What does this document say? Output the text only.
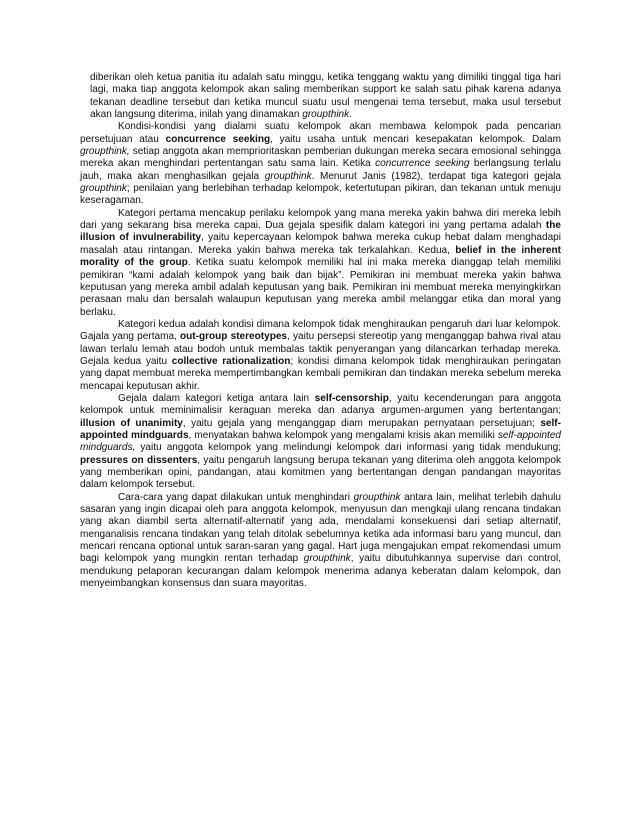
diberikan oleh ketua panitia itu adalah satu minggu, ketika tenggang waktu yang dimiliki tinggal tiga hari lagi, maka tiap anggota kelompok akan saling memberikan support ke salah satu pihak karena adanya tekanan deadline tersebut dan ketika muncul suatu usul mengenai tema tersebut, maka usul tersebut akan langsung diterima, inilah yang dinamakan groupthink.

Kondisi-kondisi yang dialami suatu kelompok akan membawa kelompok pada pencarian persetujuan atau concurrence seeking, yaitu usaha untuk mencari kesepakatan kelompok. Dalam groupthink, setiap anggota akan memprioritaskan pemberian dukungan mereka secara emosional sehingga mereka akan menghindari pertentangan satu sama lain. Ketika concurrence seeking berlangsung terlalu jauh, maka akan menghasilkan gejala groupthink. Menurut Janis (1982), terdapat tiga kategori gejala groupthink; penilaian yang berlebihan terhadap kelompok, ketertutupan pikiran, dan tekanan untuk menuju keseragaman.

Kategori pertama mencakup perilaku kelompok yang mana mereka yakin bahwa diri mereka lebih dari yang sekarang bisa mereka capai. Dua gejala spesifik dalam kategori ini yang pertama adalah the illusion of invulnerability, yaitu kepercayaan kelompok bahwa mereka cukup hebat dalam menghadapi masalah atau rintangan. Mereka yakin bahwa mereka tak terkalahkan. Kedua, belief in the inherent morality of the group. Ketika suatu kelompok memiliki hal ini maka mereka dianggap telah memiliki pemikiran “kami adalah kelompok yang baik dan bijak”. Pemikiran ini membuat mereka yakin bahwa keputusan yang mereka ambil adalah keputusan yang baik. Pemikiran ini membuat mereka menyingkirkan perasaan malu dan bersalah walaupun keputusan yang mereka ambil melanggar etika dan moral yang berlaku.

Kategori kedua adalah kondisi dimana kelompok tidak menghiraukan pengaruh dari luar kelompok. Gajala yang pertama, out-group stereotypes, yaitu persepsi stereotip yang menganggap bahwa rival atau lawan terlalu lemah atau bodoh untuk membalas taktik penyerangan yang dilancarkan terhadap mereka. Gejala kedua yaitu collective rationalization; kondisi dimana kelompok tidak menghiraukan peringatan yang dapat membuat mereka mempertimbangkan kembali pemikiran dan tindakan mereka sebelum mereka mencapai keputusan akhir.

Gejala dalam kategori ketiga antara lain self-censorship, yaitu kecenderungan para anggota kelompok untuk meminimalisir keraguan mereka dan adanya argumen-argumen yang bertentangan; illusion of unanimity, yaitu gejala yang menganggap diam merupakan pernyataan persetujuan; self-appointed mindguards, menyatakan bahwa kelompok yang mengalami krisis akan memiliki self-appointed mindguards, yaitu anggota kelompok yang melindungi kelompok dari informasi yang tidak mendukung; pressures on dissenters, yaitu pengaruh langsung berupa tekanan yang diterima oleh anggota kelompok yang memberikan opini, pandangan, atau komitmen yang bertentangan dengan pandangan mayoritas dalam kelompok tersebut.

Cara-cara yang dapat dilakukan untuk menghindari groupthink antara lain, melihat terlebih dahulu sasaran yang ingin dicapai oleh para anggota kelompok, menyusun dan mengkaji ulang rencana tindakan yang akan diambil serta alternatif-alternatif yang ada, mendalami konsekuensi dari setiap alternatif, menganalisis rencana tindakan yang telah ditolak sebelumnya ketika ada informasi baru yang muncul, dan mencari rencana optional untuk saran-saran yang gagal. Hart juga mengajukan empat rekomendasi umum bagi kelompok yang mungkin rentan terhadap groupthink, yaitu dibutuhkannya supervise dan control, mendukung pelaporan kecurangan dalam kelompok menerima adanya keberatan dalam kelompok, dan menyeimbangkan konsensus dan suara mayoritas.
